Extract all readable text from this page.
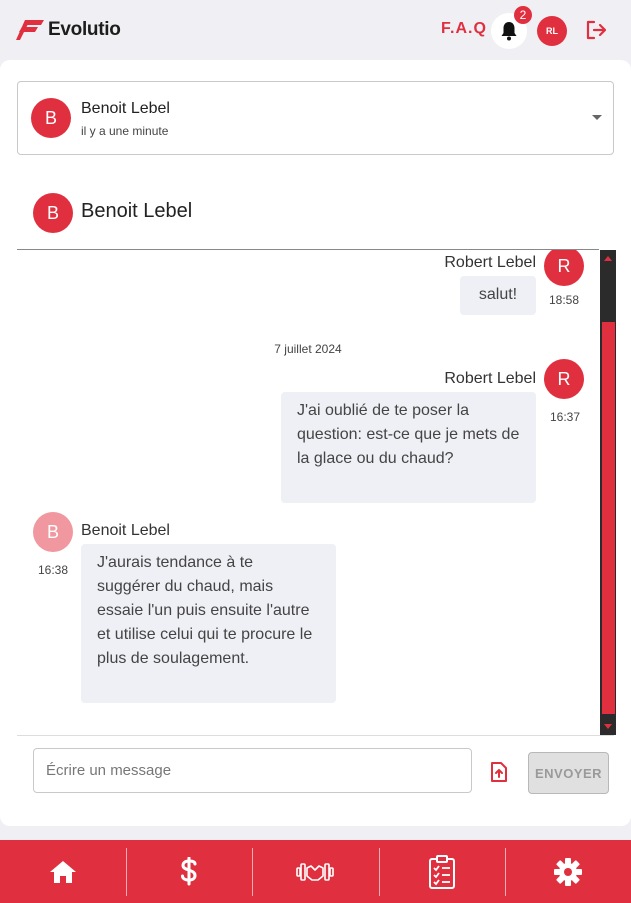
Evolutio	F.A.Q
2
RL
B	Benoit Lebel
il y a une minute
B	Benoit Lebel
Robert Lebel	R
18:58
salut!
7 juillet 2024
Robert Lebel	R
16:37
J'ai oublié de te poser la question: est-ce que je mets de la glace ou du chaud?
B	Benoit Lebel
16:38	J'aurais tendance à te suggérer du chaud, mais essaie l'un puis ensuite l'autre et utilise celui qui te procure le plus de soulagement.
Écrire un message
ENVOYER
